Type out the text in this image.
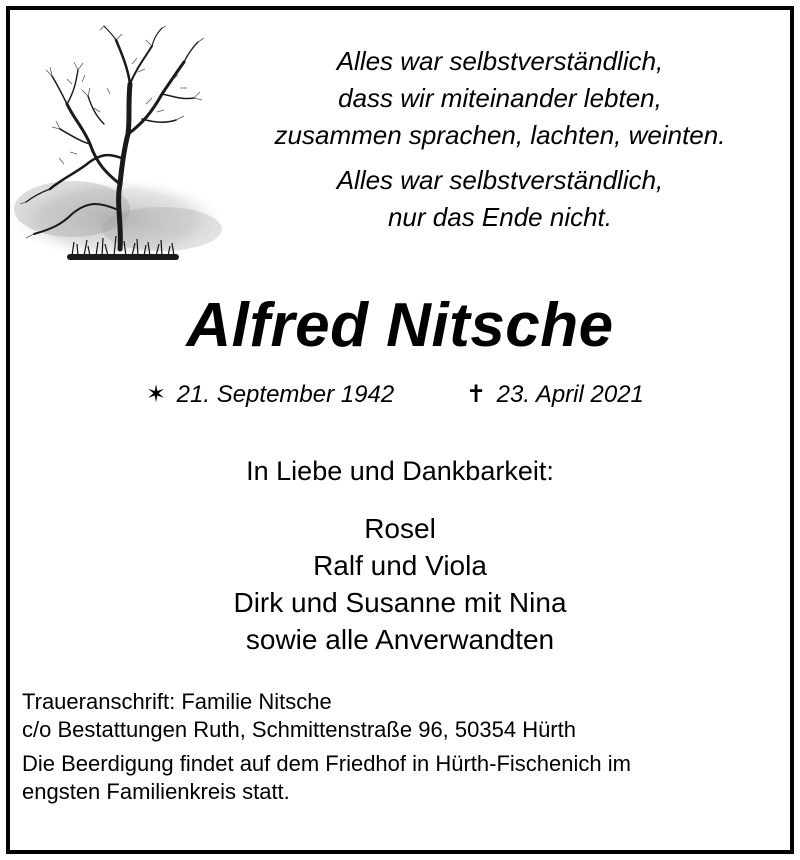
Alles war selbstverständlich,
dass wir miteinander lebten,
zusammen sprachen, lachten, weinten.
Alles war selbstverständlich,
nur das Ende nicht.
Alfred Nitsche
✶ 21. September 1942	✝ 23. April 2021
In Liebe und Dankbarkeit:
Rosel
Ralf und Viola
Dirk und Susanne mit Nina
sowie alle Anverwandten
Traueranschrift: Familie Nitsche
c/o Bestattungen Ruth, Schmittenstraße 96, 50354 Hürth
Die Beerdigung findet auf dem Friedhof in Hürth-Fischenich im
engsten Familienkreis statt.
